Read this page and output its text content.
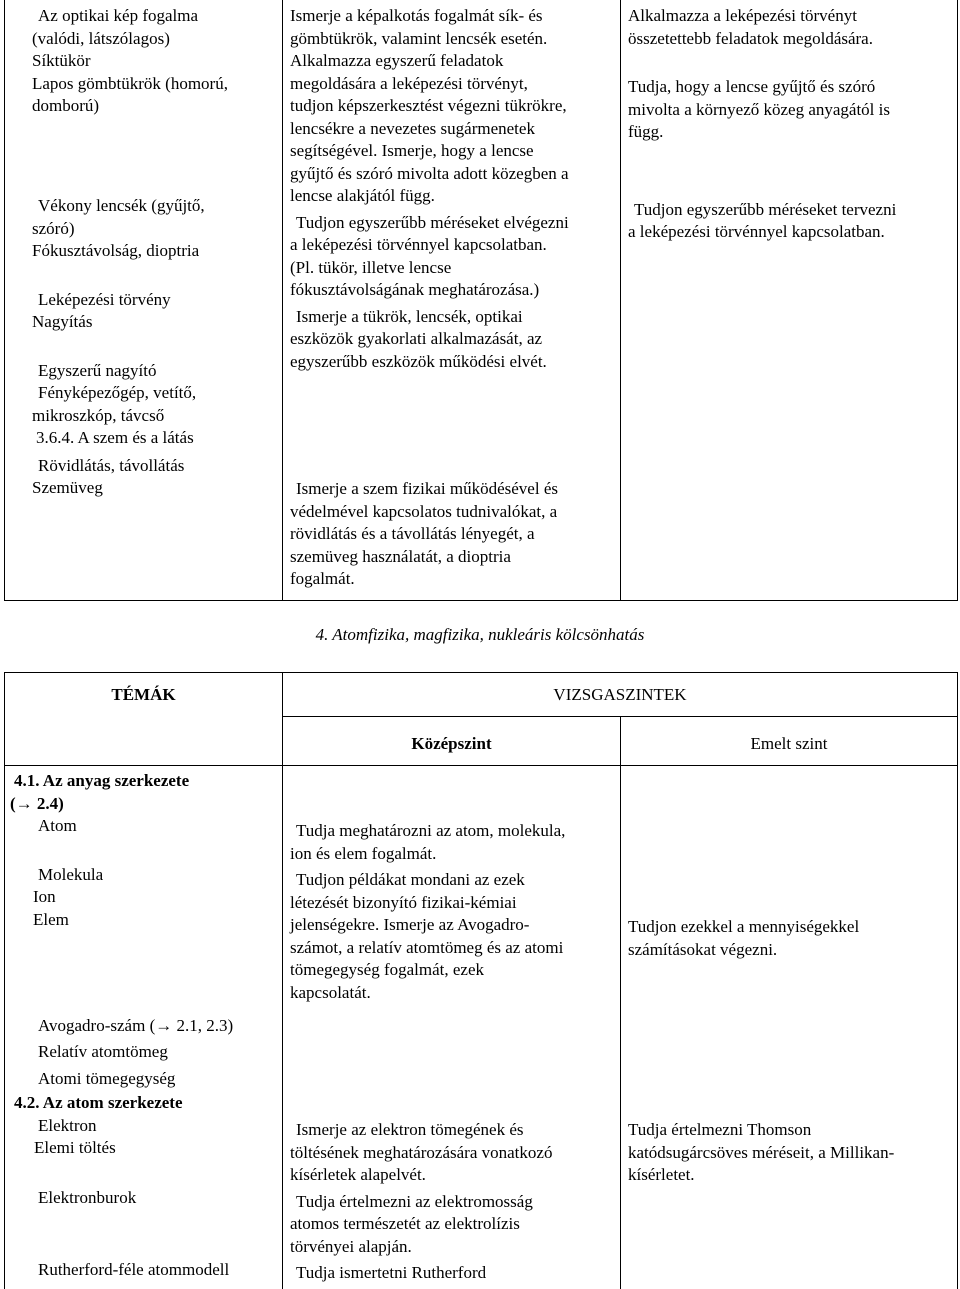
Az optikai kép fogalma

(valódi, látszólagos)

Síktükör

Lapos gömbtükrök (homorú,

domború)

Vékony lencsék (gyűjtő,

szóró)

Fókusztávolság, dioptria

Leképezési törvény

Nagyítás

Egyszerű nagyító

Fényképezőgép, vetítő,

mikroszkóp, távcső

3.6.4. A szem és a látás

Rövidlátás, távollátás

Szemüveg

Ismerje a képalkotás fogalmát sík- és

gömbtükrök, valamint lencsék esetén.

Alkalmazza egyszerű feladatok

megoldására a leképezési törvényt,

tudjon képszerkesztést végezni tükrökre,

lencsékre a nevezetes sugármenetek

segítségével. Ismerje, hogy a lencse

gyűjtő és szóró mivolta adott közegben a

lencse alakjától függ.

Tudjon egyszerűbb méréseket elvégezni

a leképezési törvénnyel kapcsolatban.

(Pl. tükör, illetve lencse

fókusztávolságának meghatározása.)

Ismerje a tükrök, lencsék, optikai

eszközök gyakorlati alkalmazását, az

egyszerűbb eszközök működési elvét.

Ismerje a szem fizikai működésével és

védelmével kapcsolatos tudnivalókat, a

rövidlátás és a távollátás lényegét, a

szemüveg használatát, a dioptria

fogalmát.

Alkalmazza a leképezési törvényt

összetettebb feladatok megoldására.

Tudja, hogy a lencse gyűjtő és szóró

mivolta a környező közeg anyagától is

függ.

Tudjon egyszerűbb méréseket tervezni

a leképezési törvénnyel kapcsolatban.

4. Atomfizika, magfizika, nukleáris kölcsönhatás
TÉMÁK	VIZSGASZINTEK
Középszint	Emelt szint

4.1. Az anyag szerkezete

(→ 2.4)

Atom

Molekula

Ion

Elem

Avogadro-szám (→ 2.1, 2.3)

Relatív atomtömeg

Atomi tömegegység

Tudja meghatározni az atom, molekula,

ion és elem fogalmát.

Tudjon példákat mondani az ezek

létezését bizonyító fizikai-kémiai

jelenségekre. Ismerje az Avogadro-

számot, a relatív atomtömeg és az atomi

tömegegység fogalmát, ezek

kapcsolatát.

Tudjon ezekkel a mennyiségekkel

számításokat végezni.

4.2. Az atom szerkezete

Elektron

Elemi töltés

Elektronburok

Rutherford-féle atommodell

Ismerje az elektron tömegének és

töltésének meghatározására vonatkozó

kísérletek alapelvét.

Tudja értelmezni az elektromosság

atomos természetét az elektrolízis

törvényei alapján.

Tudja ismertetni Rutherford

Tudja értelmezni Thomson

katódsugárcsöves méréseit, a Millikan-

kísérletet.
